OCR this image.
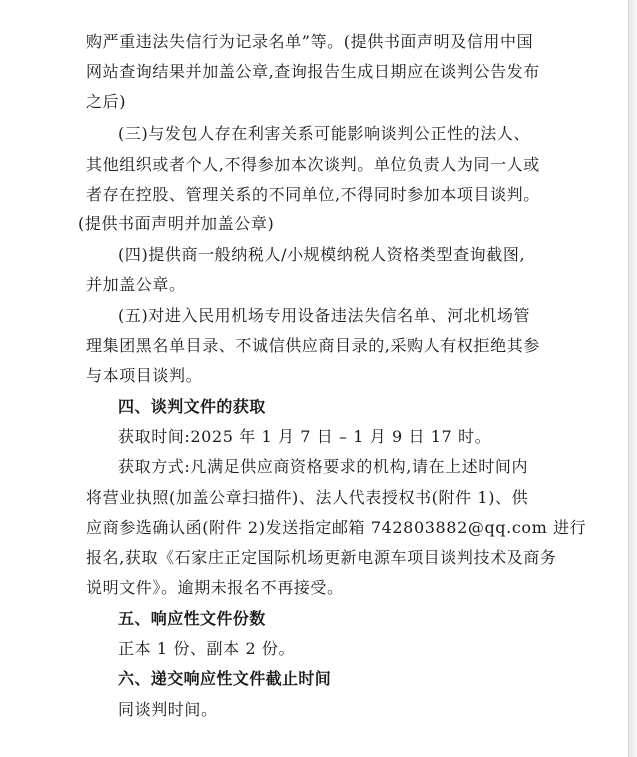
购严重违法失信行为记录名单”等。(提供书面声明及信用中国
网站查询结果并加盖公章,查询报告生成日期应在谈判公告发布
之后)
(三)与发包人存在利害关系可能影响谈判公正性的法人、
其他组织或者个人,不得参加本次谈判。单位负责人为同一人或
者存在控股、管理关系的不同单位,不得同时参加本项目谈判。
(提供书面声明并加盖公章)
(四)提供商一般纳税人/小规模纳税人资格类型查询截图,
并加盖公章。
(五)对进入民用机场专用设备违法失信名单、河北机场管
理集团黑名单目录、不诚信供应商目录的,采购人有权拒绝其参
与本项目谈判。
四、谈判文件的获取
获取时间:2025 年 1 月 7 日 – 1 月 9 日 17 时。
获取方式:凡满足供应商资格要求的机构,请在上述时间内
将营业执照(加盖公章扫描件)、法人代表授权书(附件 1)、供
应商参选确认函(附件 2)发送指定邮箱 742803882@qq.com 进行
报名,获取《石家庄正定国际机场更新电源车项目谈判技术及商务
说明文件》。逾期未报名不再接受。
五、响应性文件份数
正本 1 份、副本 2 份。
六、递交响应性文件截止时间
同谈判时间。
